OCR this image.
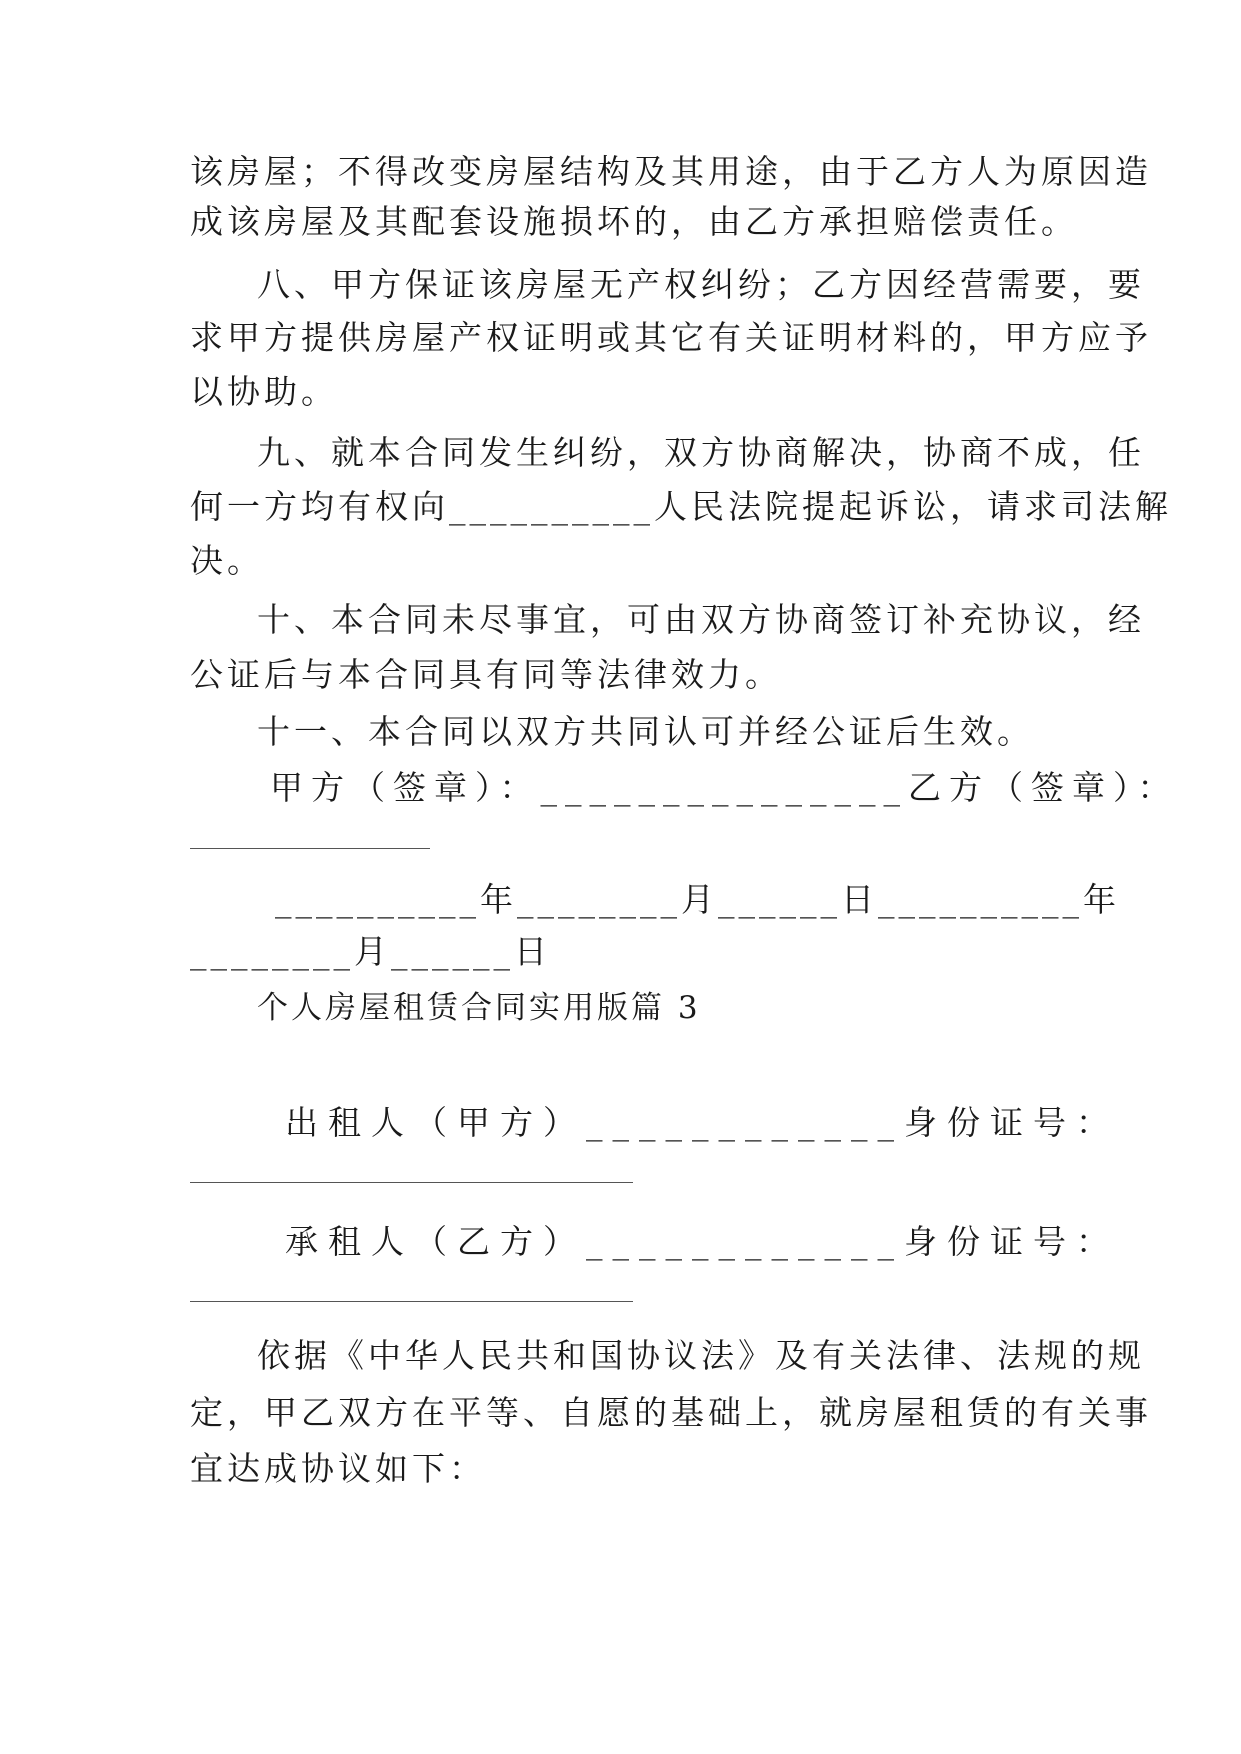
该房屋；不得改变房屋结构及其用途，由于乙方人为原因造
成该房屋及其配套设施损坏的，由乙方承担赔偿责任。
八、甲方保证该房屋无产权纠纷；乙方因经营需要，要
求甲方提供房屋产权证明或其它有关证明材料的，甲方应予
以协助。
九、就本合同发生纠纷，双方协商解决，协商不成，任
何一方均有权向__________人民法院提起诉讼，请求司法解
决。
十、本合同未尽事宜，可由双方协商签订补充协议，经
公证后与本合同具有同等法律效力。
十一、本合同以双方共同认可并经公证后生效。
甲方（签章）：_______________乙方（签章）：
__________年________月______日__________年
________月______日
个人房屋租赁合同实用版篇 3
出租人（甲方）____________身份证号：
承租人（乙方）____________身份证号：
依据《中华人民共和国协议法》及有关法律、法规的规
定，甲乙双方在平等、自愿的基础上，就房屋租赁的有关事
宜达成协议如下：
